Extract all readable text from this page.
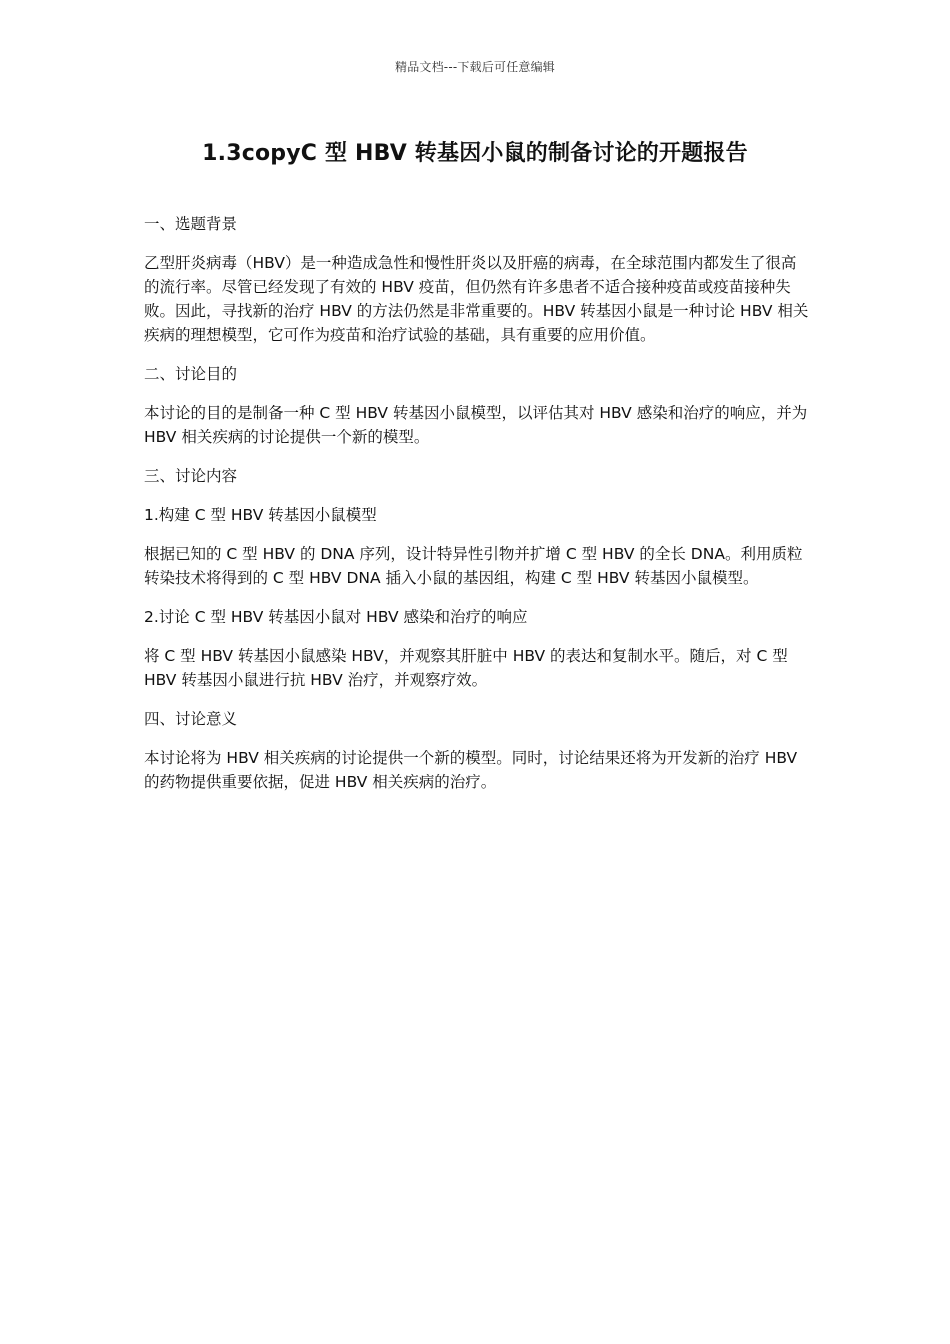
精品文档---下载后可任意编辑
1.3copyC 型 HBV 转基因小鼠的制备讨论的开题报告

一、选题背景

乙型肝炎病毒（HBV）是一种造成急性和慢性肝炎以及肝癌的病毒，在全球范围内都发生了很高的流行率。尽管已经发现了有效的 HBV 疫苗，但仍然有许多患者不适合接种疫苗或疫苗接种失败。因此，寻找新的治疗 HBV 的方法仍然是非常重要的。HBV 转基因小鼠是一种讨论 HBV 相关疾病的理想模型，它可作为疫苗和治疗试验的基础，具有重要的应用价值。

二、讨论目的

本讨论的目的是制备一种 C 型 HBV 转基因小鼠模型，以评估其对 HBV 感染和治疗的响应，并为 HBV 相关疾病的讨论提供一个新的模型。

三、讨论内容

1.构建 C 型 HBV 转基因小鼠模型

根据已知的 C 型 HBV 的 DNA 序列，设计特异性引物并扩增 C 型 HBV 的全长 DNA。利用质粒转染技术将得到的 C 型 HBV DNA 插入小鼠的基因组，构建 C 型 HBV 转基因小鼠模型。

2.讨论 C 型 HBV 转基因小鼠对 HBV 感染和治疗的响应

将 C 型 HBV 转基因小鼠感染 HBV，并观察其肝脏中 HBV 的表达和复制水平。随后，对 C 型 HBV 转基因小鼠进行抗 HBV 治疗，并观察疗效。

四、讨论意义

本讨论将为 HBV 相关疾病的讨论提供一个新的模型。同时，讨论结果还将为开发新的治疗 HBV 的药物提供重要依据，促进 HBV 相关疾病的治疗。
